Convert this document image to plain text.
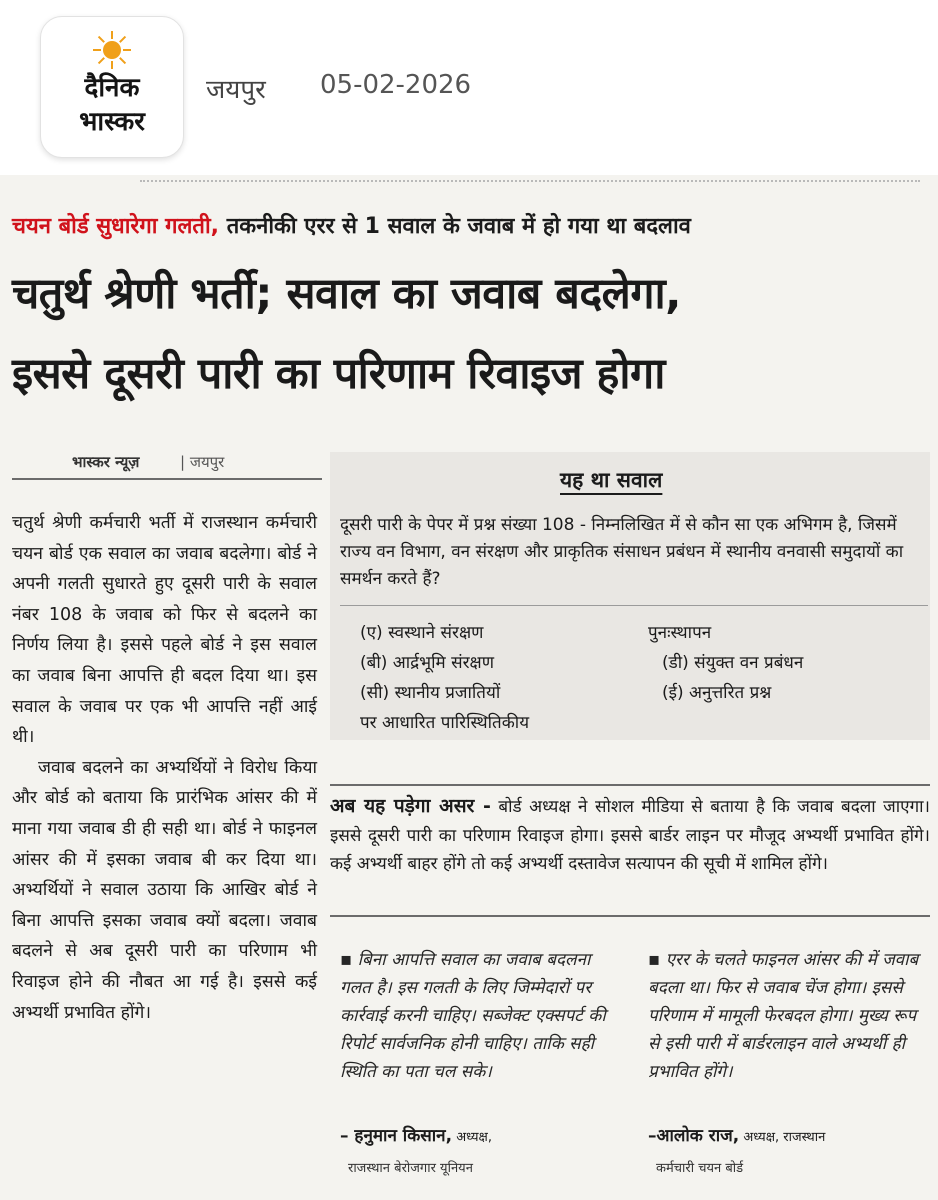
दैनिक
भास्कर
जयपुर 05-02-2026
चयन बोर्ड सुधारेगा गलती, तकनीकी एरर से 1 सवाल के जवाब में हो गया था बदलाव
चतुर्थ श्रेणी भर्ती; सवाल का जवाब बदलेगा,
इससे दूसरी पारी का परिणाम रिवाइज होगा
भास्कर न्यूज़	| जयपुर

चतुर्थ श्रेणी कर्मचारी भर्ती में राजस्थान कर्मचारी चयन बोर्ड एक सवाल का जवाब बदलेगा। बोर्ड ने अपनी गलती सुधारते हुए दूसरी पारी के सवाल नंबर 108 के जवाब को फिर से बदलने का निर्णय लिया है। इससे पहले बोर्ड ने इस सवाल का जवाब बिना आपत्ति ही बदल दिया था। इस सवाल के जवाब पर एक भी आपत्ति नहीं आई थी।

जवाब बदलने का अभ्यर्थियों ने विरोध किया और बोर्ड को बताया कि प्रारंभिक आंसर की में माना गया जवाब डी ही सही था। बोर्ड ने फाइनल आंसर की में इसका जवाब बी कर दिया था। अभ्यर्थियों ने सवाल उठाया कि आखिर बोर्ड ने बिना आपत्ति इसका जवाब क्यों बदला। जवाब बदलने से अब दूसरी पारी का परिणाम भी रिवाइज होने की नौबत आ गई है। इससे कई अभ्यर्थी प्रभावित होंगे।

यह था सवाल
दूसरी पारी के पेपर में प्रश्न संख्या 108 - निम्नलिखित में से कौन सा एक अभिगम है, जिसमें राज्य वन विभाग, वन संरक्षण और प्राकृतिक संसाधन प्रबंधन में स्थानीय वनवासी समुदायों का समर्थन करते हैं?
(ए) स्वस्थाने संरक्षण
(बी) आर्द्रभूमि संरक्षण
(सी) स्थानीय प्रजातियों
पर आधारित पारिस्थितिकीय
पुनःस्थापन
(डी) संयुक्त वन प्रबंधन
(ई) अनुत्तरित प्रश्न
अब यह पड़ेगा असर - बोर्ड अध्यक्ष ने सोशल मीडिया से बताया है कि जवाब बदला जाएगा। इससे दूसरी पारी का परिणाम रिवाइज होगा। इससे बार्डर लाइन पर मौजूद अभ्यर्थी प्रभावित होंगे। कई अभ्यर्थी बाहर होंगे तो कई अभ्यर्थी दस्तावेज सत्यापन की सूची में शामिल होंगे।
▪ बिना आपत्ति सवाल का जवाब बदलना गलत है। इस गलती के लिए जिम्मेदारों पर कार्रवाई करनी चाहिए। सब्जेक्ट एक्सपर्ट की रिपोर्ट सार्वजनिक होनी चाहिए। ताकि सही स्थिति का पता चल सके।
– हनुमान किसान, अध्यक्ष,
राजस्थान बेरोजगार यूनियन
▪ एरर के चलते फाइनल आंसर की में जवाब बदला था। फिर से जवाब चेंज होगा। इससे परिणाम में मामूली फेरबदल होगा। मुख्य रूप से इसी पारी में बार्डरलाइन वाले अभ्यर्थी ही प्रभावित होंगे।
–आलोक राज, अध्यक्ष, राजस्थान
कर्मचारी चयन बोर्ड
